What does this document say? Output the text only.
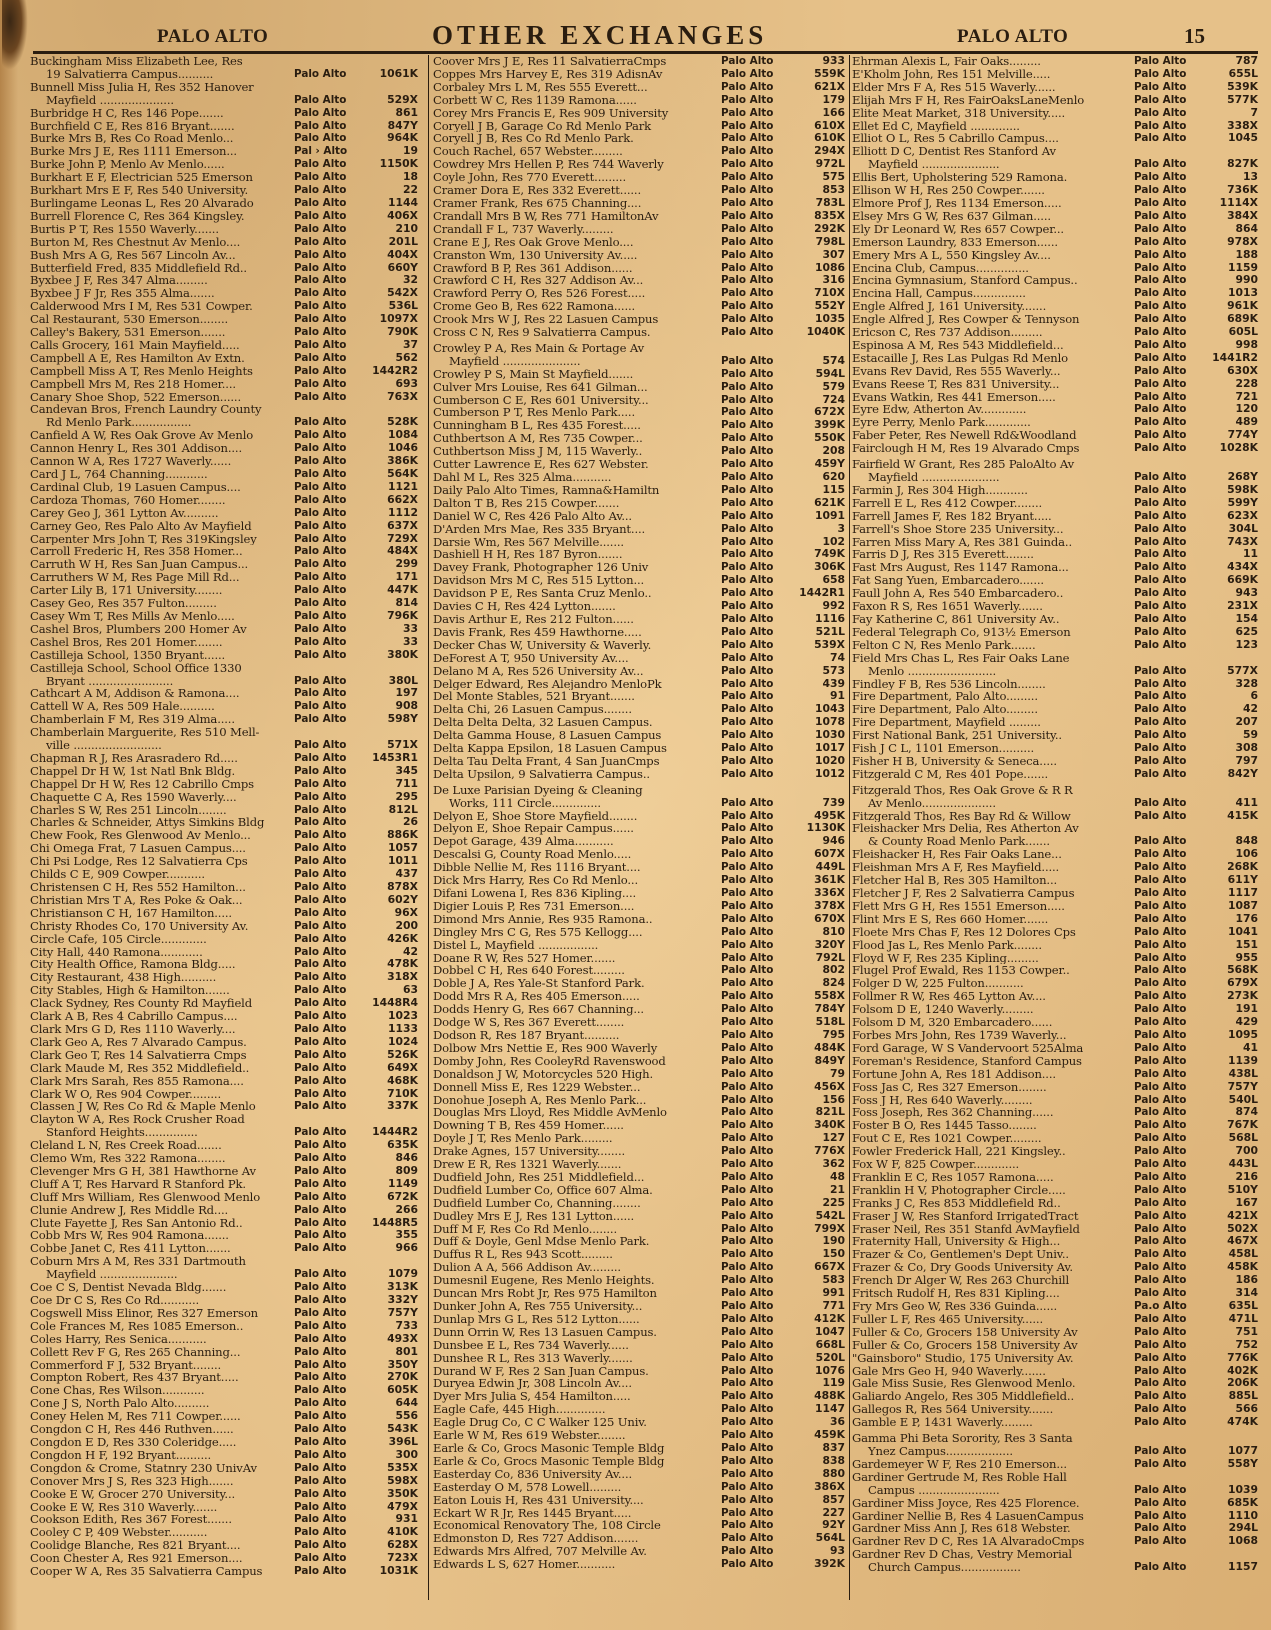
PALO ALTO	OTHER EXCHANGES	PALO ALTO	15
Buckingham Miss Elizabeth Lee, Res
19 Salvatierra Campus..........	Palo Alto	1061K
Bunnell Miss Julia H, Res 352 Hanover
Mayfield .....................	Palo Alto	529X
Burbridge H C, Res 146 Pope.......	Palo Alto	861
Burchfield C E, Res 816 Bryant.......	Palo Alto	847Y
Burke Mrs B, Res Co Road Menlo...	Palo Alto	964K
Burke Mrs J E, Res 1111 Emerson...	Pal › Alto	19
Burke John P, Menlo Av Menlo......	Palo Alto	1150K
Burkhart E F, Electrician 525 Emerson	Palo Alto	18
Burkhart Mrs E F, Res 540 University.	Palo Alto	22
Burlingame Leonas L, Res 20 Alvarado	Palo Alto	1144
Burrell Florence C, Res 364 Kingsley.	Palo Alto	406X
Burtis P T, Res 1550 Waverly.......	Palo Alto	210
Burton M, Res Chestnut Av Menlo....	Palo Alto	201L
Bush Mrs A G, Res 567 Lincoln Av...	Palo Alto	404X
Butterfield Fred, 835 Middlefield Rd..	Palo Alto	660Y
Byxbee J F, Res 347 Alma.........	Palo Alto	32
Byxbee J F Jr, Res 355 Alma.......	Palo Alto	542X
Calderwood Mrs I M, Res 531 Cowper.	Palo Alto	536L
Cal Restaurant, 530 Emerson........	Palo Alto	1097X
Calley's Bakery, 531 Emerson.......	Palo Alto	790K
Calls Grocery, 161 Main Mayfield.....	Palo Alto	37
Campbell A E, Res Hamilton Av Extn.	Palo Alto	562
Campbell Miss A T, Res Menlo Heights	Palo Alto	1442R2
Campbell Mrs M, Res 218 Homer....	Palo Alto	693
Canary Shoe Shop, 522 Emerson......	Palo Alto	763X
Candevan Bros, French Laundry County
Rd Menlo Park.................	Palo Alto	528K
Canfield A W, Res Oak Grove Av Menlo	Palo Alto	1084
Cannon Henry L, Res 301 Addison....	Palo Alto	1046
Cannon W A, Res 1727 Waverly......	Palo Alto	386K
Card J L, 764 Channing............	Palo Alto	564K
Cardinal Club, 19 Lasuen Campus....	Palo Alto	1121
Cardoza Thomas, 760 Homer........	Palo Alto	662X
Carey Geo J, 361 Lytton Av..........	Palo Alto	1112
Carney Geo, Res Palo Alto Av Mayfield	Palo Alto	637X
Carpenter Mrs John T, Res 319Kingsley	Palo Alto	729X
Carroll Frederic H, Res 358 Homer...	Palo Alto	484X
Carruth W H, Res San Juan Campus...	Palo Alto	299
Carruthers W M, Res Page Mill Rd...	Palo Alto	171
Carter Lily B, 171 University........	Palo Alto	447K
Casey Geo, Res 357 Fulton.........	Palo Alto	814
Casey Wm T, Res Mills Av Menlo.....	Palo Alto	796K
Cashel Bros, Plumbers 200 Homer Av	Palo Alto	33
Cashel Bros, Res 201 Homer........	Palo Alto	33
Castilleja School, 1350 Bryant......	Palo Alto	380K
Castilleja School, School Office 1330
Bryant ........................	Palo Alto	380L
Cathcart A M, Addison & Ramona....	Palo Alto	197
Cattell W A, Res 509 Hale..........	Palo Alto	908
Chamberlain F M, Res 319 Alma.....	Palo Alto	598Y
Chamberlain Marguerite, Res 510 Mell-
ville .........................	Palo Alto	571X
Chapman R J, Res Arasradero Rd.....	Palo Alto	1453R1
Chappel Dr H W, 1st Natl Bnk Bldg.	Palo Alto	345
Chappel Dr H W, Res 12 Cabrillo Cmps	Palo Alto	711
Chaquette C A, Res 1590 Waverly....	Palo Alto	295
Charles S W, Res 251 Lincoln........	Palo Alto	812L
Charles & Schneider, Attys Simkins Bldg	Palo Alto	26
Chew Fook, Res Glenwood Av Menlo...	Palo Alto	886K
Chi Omega Frat, 7 Lasuen Campus....	Palo Alto	1057
Chi Psi Lodge, Res 12 Salvatierra Cps	Palo Alto	1011
Childs C E, 909 Cowper...........	Palo Alto	437
Christensen C H, Res 552 Hamilton...	Palo Alto	878X
Christian Mrs T A, Res Poke & Oak...	Palo Alto	602Y
Christianson C H, 167 Hamilton.....	Palo Alto	96X
Christy Rhodes Co, 170 University Av.	Palo Alto	200
Circle Cafe, 105 Circle.............	Palo Alto	426K
City Hall, 440 Ramona............	Palo Alto	42
City Health Office, Ramona Bldg.....	Palo Alto	478K
City Restaurant, 438 High..........	Palo Alto	318X
City Stables, High & Hamilton.......	Palo Alto	63
Clack Sydney, Res County Rd Mayfield	Palo Alto	1448R4
Clark A B, Res 4 Cabrillo Campus....	Palo Alto	1023
Clark Mrs G D, Res 1110 Waverly....	Palo Alto	1133
Clark Geo A, Res 7 Alvarado Campus.	Palo Alto	1024
Clark Geo T, Res 14 Salvatierra Cmps	Palo Alto	526K
Clark Maude M, Res 352 Middlefield..	Palo Alto	649X
Clark Mrs Sarah, Res 855 Ramona....	Palo Alto	468K
Clark W O, Res 904 Cowper.........	Palo Alto	710K
Classen J W, Res Co Rd & Maple Menlo	Palo Alto	337K
Clayton W A, Res Rock Crusher Road
Stanford Heights...............	Palo Alto	1444R2
Cleland L N, Res Creek Road.......	Palo Alto	635K
Clemo Wm, Res 322 Ramona........	Palo Alto	846
Clevenger Mrs G H, 381 Hawthorne Av	Palo Alto	809
Cluff A T, Res Harvard R Stanford Pk.	Palo Alto	1149
Cluff Mrs William, Res Glenwood Menlo	Palo Alto	672K
Clunie Andrew J, Res Middle Rd....	Palo Alto	266
Clute Fayette J, Res San Antonio Rd..	Palo Alto	1448R5
Cobb Mrs W, Res 904 Ramona.......	Palo Alto	355
Cobbe Janet C, Res 411 Lytton.......	Palo Alto	966
Coburn Mrs A M, Res 331 Dartmouth
Mayfield ......................	Palo Alto	1079
Coe C S, Dentist Nevada Bldg.......	Palo Alto	313K
Coe Dr C S, Res Co Rd...........	Palo Alto	332Y
Cogswell Miss Elinor, Res 327 Emerson	Palo Alto	757Y
Cole Frances M, Res 1085 Emerson..	Palo Alto	733
Coles Harry, Res Senica...........	Palo Alto	493X
Collett Rev F G, Res 265 Channing...	Palo Alto	801
Commerford F J, 532 Bryant........	Palo Alto	350Y
Compton Robert, Res 437 Bryant.....	Palo Alto	270K
Cone Chas, Res Wilson............	Palo Alto	605K
Cone J S, North Palo Alto..........	Palo Alto	644
Coney Helen M, Res 711 Cowper......	Palo Alto	556
Congdon C H, Res 446 Ruthven......	Palo Alto	543K
Congdon E D, Res 330 Coleridge.....	Palo Alto	396L
Congdon H F, 192 Bryant..........	Palo Alto	300
Congdon & Crome, Statnry 230 UnivAv	Palo Alto	535X
Conover Mrs J S, Res 323 High.......	Palo Alto	598X
Cooke E W, Grocer 270 University...	Palo Alto	350K
Cooke E W, Res 310 Waverly.......	Palo Alto	479X
Cookson Edith, Res 367 Forest.......	Palo Alto	931
Cooley C P, 409 Webster...........	Palo Alto	410K
Coolidge Blanche, Res 821 Bryant....	Palo Alto	628X
Coon Chester A, Res 921 Emerson....	Palo Alto	723X
Cooper W A, Res 35 Salvatierra Campus	Palo Alto	1031K
Coover Mrs J E, Res 11 SalvatierraCmps	Palo Alto	933
Coppes Mrs Harvey E, Res 319 AdisnAv	Palo Alto	559K
Corbaley Mrs L M, Res 555 Everett...	Palo Alto	621X
Corbett W C, Res 1139 Ramona......	Palo Alto	179
Corey Mrs Francis E, Res 909 University	Palo Alto	166
Coryell J B, Garage Co Rd Menlo Park	Palo Alto	610X
Coryell J B, Res Co Rd Menlo Park.	Palo Alto	610K
Couch Rachel, 657 Webster.........	Palo Alto	294X
Cowdrey Mrs Hellen P, Res 744 Waverly	Palo Alto	972L
Coyle John, Res 770 Everett.........	Palo Alto	575
Cramer Dora E, Res 332 Everett......	Palo Alto	853
Cramer Frank, Res 675 Channing....	Palo Alto	783L
Crandall Mrs B W, Res 771 HamiltonAv	Palo Alto	835X
Crandall F L, 737 Waverly.........	Palo Alto	292K
Crane E J, Res Oak Grove Menlo....	Palo Alto	798L
Cranston Wm, 130 University Av.....	Palo Alto	307
Crawford B P, Res 361 Addison......	Palo Alto	1086
Crawford C H, Res 327 Addison Av...	Palo Alto	316
Crawford Perry O, Res 526 Forest.....	Palo Alto	710X
Crome Geo B, Res 622 Ramona......	Palo Alto	552Y
Crook Mrs W J, Res 22 Lasuen Campus	Palo Alto	1035
Cross C N, Res 9 Salvatierra Campus.	Palo Alto	1040K
Crowley P A, Res Main & Portage Av
Mayfield ......................	Palo Alto	574
Crowley P S, Main St Mayfield.......	Palo Alto	594L
Culver Mrs Louise, Res 641 Gilman...	Palo Alto	579
Cumberson C E, Res 601 University...	Palo Alto	724
Cumberson P T, Res Menlo Park.....	Palo Alto	672X
Cunningham B L, Res 435 Forest.....	Palo Alto	399K
Cuthbertson A M, Res 735 Cowper...	Palo Alto	550K
Cuthbertson Miss J M, 115 Waverly..	Palo Alto	208
Cutter Lawrence E, Res 627 Webster.	Palo Alto	459Y
Dahl M L, Res 325 Alma...........	Palo Alto	620
Daily Palo Alto Times, Ramna&Hamiltn	Palo Alto	115
Dalton T B, Res 215 Cowper.......	Palo Alto	621K
Daniel W C, Res 426 Palo Alto Av...	Palo Alto	1091
D'Arden Mrs Mae, Res 335 Bryant....	Palo Alto	3
Darsie Wm, Res 567 Melville.......	Palo Alto	102
Dashiell H H, Res 187 Byron.......	Palo Alto	749K
Davey Frank, Photographer 126 Univ	Palo Alto	306K
Davidson Mrs M C, Res 515 Lytton...	Palo Alto	658
Davidson P E, Res Santa Cruz Menlo..	Palo Alto	1442R1
Davies C H, Res 424 Lytton.......	Palo Alto	992
Davis Arthur E, Res 212 Fulton......	Palo Alto	1116
Davis Frank, Res 459 Hawthorne.....	Palo Alto	521L
Decker Chas W, University & Waverly.	Palo Alto	539X
DeForest A T, 950 University Av....	Palo Alto	74
Delano M A, Res 526 University Av...	Palo Alto	573
Delger Edward, Res Alejandro MenloPk	Palo Alto	439
Del Monte Stables, 521 Bryant.......	Palo Alto	91
Delta Chi, 26 Lasuen Campus........	Palo Alto	1043
Delta Delta Delta, 32 Lasuen Campus.	Palo Alto	1078
Delta Gamma House, 8 Lasuen Campus	Palo Alto	1030
Delta Kappa Epsilon, 18 Lasuen Campus	Palo Alto	1017
Delta Tau Delta Frant, 4 San JuanCmps	Palo Alto	1020
Delta Upsilon, 9 Salvatierra Campus..	Palo Alto	1012
De Luxe Parisian Dyeing & Cleaning
Works, 111 Circle..............	Palo Alto	739
Delyon E, Shoe Store Mayfield........	Palo Alto	495K
Delyon E, Shoe Repair Campus......	Palo Alto	1130K
Depot Garage, 439 Alma...........	Palo Alto	946
Descalsi G, County Road Menlo.....	Palo Alto	607X
Dibble Nellie M, Res 1116 Bryant....	Palo Alto	449L
Dick Mrs Harry, Res Co Rd Menlo...	Palo Alto	361K
Difani Lowena I, Res 836 Kipling....	Palo Alto	336X
Digier Louis P, Res 731 Emerson....	Palo Alto	378X
Dimond Mrs Annie, Res 935 Ramona..	Palo Alto	670X
Dingley Mrs C G, Res 575 Kellogg....	Palo Alto	810
Distel L, Mayfield .................	Palo Alto	320Y
Doane R W, Res 527 Homer.......	Palo Alto	792L
Dobbel C H, Res 640 Forest.........	Palo Alto	802
Doble J A, Res Yale-St Stanford Park.	Palo Alto	824
Dodd Mrs R A, Res 405 Emerson.....	Palo Alto	558X
Dodds Henry G, Res 667 Channing...	Palo Alto	784Y
Dodge W S, Res 367 Everett........	Palo Alto	518L
Dodson R, Res 187 Bryant..........	Palo Alto	795
Dolbow Mrs Nettie E, Res 900 Waverly	Palo Alto	484K
Domby John, Res CooleyRd Ravenswood	Palo Alto	849Y
Donaldson J W, Motorcycles 520 High.	Palo Alto	79
Donnell Miss E, Res 1229 Webster...	Palo Alto	456X
Donohue Joseph A, Res Menlo Park...	Palo Alto	156
Douglas Mrs Lloyd, Res Middle AvMenlo	Palo Alto	821L
Downing T B, Res 459 Homer......	Palo Alto	340K
Doyle J T, Res Menlo Park.........	Palo Alto	127
Drake Agnes, 157 University........	Palo Alto	776X
Drew E R, Res 1321 Waverly.......	Palo Alto	362
Dudfield John, Res 251 Middlefield...	Palo Alto	48
Dudfield Lumber Co, Office 607 Alma.	Palo Alto	21
Dudfield Lumber Co, Channing........	Palo Alto	225
Dudley Mrs E J, Res 131 Lytton......	Palo Alto	542L
Duff M F, Res Co Rd Menlo........	Palo Alto	799X
Duff & Doyle, Genl Mdse Menlo Park.	Palo Alto	190
Duffus R L, Res 943 Scott.........	Palo Alto	150
Dulion A A, 566 Addison Av.........	Palo Alto	667X
Dumesnil Eugene, Res Menlo Heights.	Palo Alto	583
Duncan Mrs Robt Jr, Res 975 Hamilton	Palo Alto	991
Dunker John A, Res 755 University...	Palo Alto	771
Dunlap Mrs G L, Res 512 Lytton......	Palo Alto	412K
Dunn Orrin W, Res 13 Lasuen Campus.	Palo Alto	1047
Dunsbee E L, Res 734 Waverly......	Palo Alto	668L
Dunshee R L, Res 313 Waverly.......	Palo Alto	520L
Durand W F, Res 2 San Juan Campus.	Palo Alto	1076
Duryea Edwin Jr, 308 Lincoln Av....	Palo Alto	119
Dyer Mrs Julia S, 454 Hamilton.....	Palo Alto	488K
Eagle Cafe, 445 High..............	Palo Alto	1147
Eagle Drug Co, C C Walker 125 Univ.	Palo Alto	36
Earle W M, Res 619 Webster........	Palo Alto	459K
Earle & Co, Grocs Masonic Temple Bldg	Palo Alto	837
Earle & Co, Grocs Masonic Temple Bldg	Palo Alto	838
Easterday Co, 836 University Av....	Palo Alto	880
Easterday O M, 578 Lowell.........	Palo Alto	386X
Eaton Louis H, Res 431 University....	Palo Alto	857
Eckart W R Jr, Res 1445 Bryant.....	Palo Alto	227
Economical Renovatory The, 108 Circle	Palo Alto	92Y
Edmonston D, Res 727 Addison.......	Palo Alto	564L
Edwards Mrs Alfred, 707 Melville Av.	Palo Alto	93
Edwards L S, 627 Homer...........	Palo Alto	392K
Ehrman Alexis L, Fair Oaks.........	Palo Alto	787
E'Kholm John, Res 151 Melville.....	Palo Alto	655L
Elder Mrs F A, Res 515 Waverly......	Palo Alto	539K
Elijah Mrs F H, Res FairOaksLaneMenlo	Palo Alto	577K
Elite Meat Market, 318 University.....	Palo Alto	7
Ellet Ed C, Mayfield ..............	Palo Alto	338X
Elliot O L, Res 5 Cabrillo Campus....	Palo Alto	1045
Elliott D C, Dentist Res Stanford Av
Mayfield ......................	Palo Alto	827K
Ellis Bert, Upholstering 529 Ramona.	Palo Alto	13
Ellison W H, Res 250 Cowper.......	Palo Alto	736K
Elmore Prof J, Res 1134 Emerson.....	Palo Alto	1114X
Elsey Mrs G W, Res 637 Gilman.....	Palo Alto	384X
Ely Dr Leonard W, Res 657 Cowper...	Palo Alto	864
Emerson Laundry, 833 Emerson......	Palo Alto	978X
Emery Mrs A L, 550 Kingsley Av....	Palo Alto	188
Encina Club, Campus...............	Palo Alto	1159
Encina Gymnasium, Stanford Campus..	Palo Alto	990
Encina Hall, Campus...............	Palo Alto	1013
Engle Alfred J, 161 University.......	Palo Alto	961K
Engle Alfred J, Res Cowper & Tennyson	Palo Alto	689K
Ericson C, Res 737 Addison.........	Palo Alto	605L
Espinosa A M, Res 543 Middlefield...	Palo Alto	998
Estacaille J, Res Las Pulgas Rd Menlo	Palo Alto	1441R2
Evans Rev David, Res 555 Waverly...	Palo Alto	630X
Evans Reese T, Res 831 University...	Palo Alto	228
Evans Watkin, Res 441 Emerson.....	Palo Alto	721
Eyre Edw, Atherton Av.............	Palo Alto	120
Eyre Perry, Menlo Park.............	Palo Alto	489
Faber Peter, Res Newell Rd&Woodland	Palo Alto	774Y
Fairclough H M, Res 19 Alvarado Cmps	Palo Alto	1028K
Fairfield W Grant, Res 285 PaloAlto Av
Mayfield ......................	Palo Alto	268Y
Farmin J, Res 304 High............	Palo Alto	598K
Farrell E L, Res 412 Cowper........	Palo Alto	599Y
Farrell James F, Res 182 Bryant.....	Palo Alto	623X
Farrell's Shoe Store 235 University...	Palo Alto	304L
Farren Miss Mary A, Res 381 Guinda..	Palo Alto	743X
Farris D J, Res 315 Everett........	Palo Alto	11
Fast Mrs August, Res 1147 Ramona...	Palo Alto	434X
Fat Sang Yuen, Embarcadero.......	Palo Alto	669K
Faull John A, Res 540 Embarcadero..	Palo Alto	943
Faxon R S, Res 1651 Waverly.......	Palo Alto	231X
Fay Katherine C, 861 University Av..	Palo Alto	154
Federal Telegraph Co, 913½ Emerson	Palo Alto	625
Felton C N, Res Menlo Park.......	Palo Alto	123
Field Mrs Chas L, Res Fair Oaks Lane
Menlo .........................	Palo Alto	577X
Findley F B, Res 536 Lincoln........	Palo Alto	328
Fire Department, Palo Alto.........	Palo Alto	6
Fire Department, Palo Alto.........	Palo Alto	42
Fire Department, Mayfield .........	Palo Alto	207
First National Bank, 251 University..	Palo Alto	59
Fish J C L, 1101 Emerson..........	Palo Alto	308
Fisher H B, University & Seneca.....	Palo Alto	797
Fitzgerald C M, Res 401 Pope.......	Palo Alto	842Y
Fitzgerald Thos, Res Oak Grove & R R
Av Menlo.....................	Palo Alto	411
Fitzgerald Thos, Res Bay Rd & Willow	Palo Alto	415K
Fleishacker Mrs Delia, Res Atherton Av
& County Road Menlo Park.......	Palo Alto	848
Fleishacker H, Res Fair Oaks Lane...	Palo Alto	106
Fleishman Mrs A F, Res Mayfield.....	Palo Alto	268K
Fletcher Hal B, Res 305 Hamilton...	Palo Alto	611Y
Fletcher J F, Res 2 Salvatierra Campus	Palo Alto	1117
Flett Mrs G H, Res 1551 Emerson.....	Palo Alto	1087
Flint Mrs E S, Res 660 Homer.......	Palo Alto	176
Floete Mrs Chas F, Res 12 Dolores Cps	Palo Alto	1041
Flood Jas L, Res Menlo Park........	Palo Alto	151
Floyd W F, Res 235 Kipling.........	Palo Alto	955
Flugel Prof Ewald, Res 1153 Cowper..	Palo Alto	568K
Folger D W, 225 Fulton...........	Palo Alto	679X
Follmer R W, Res 465 Lytton Av....	Palo Alto	273K
Folsom D E, 1240 Waverly.........	Palo Alto	191
Folsom D M, 320 Embarcadero......	Palo Alto	429
Forbes Mrs John, Res 1739 Waverly...	Palo Alto	1095
Ford Garage, W S Vandervoort 525Alma	Palo Alto	41
Foreman's Residence, Stanford Campus	Palo Alto	1139
Fortune John A, Res 181 Addison....	Palo Alto	438L
Foss Jas C, Res 327 Emerson........	Palo Alto	757Y
Foss J H, Res 640 Waverly.........	Palo Alto	540L
Foss Joseph, Res 362 Channing......	Palo Alto	874
Foster B O, Res 1445 Tasso........	Palo Alto	767K
Fout C E, Res 1021 Cowper.........	Palo Alto	568L
Fowler Frederick Hall, 221 Kingsley..	Palo Alto	700
Fox W F, 825 Cowper.............	Palo Alto	443L
Franklin E C, Res 1057 Ramona.....	Palo Alto	216
Franklin H V, Photographer Circle.....	Palo Alto	510Y
Franks J C, Res 853 Middlefield Rd..	Palo Alto	167
Fraser J W, Res Stanford IrrigatedTract	Palo Alto	421X
Fraser Neil, Res 351 Stanfd AvMayfield	Palo Alto	502X
Fraternity Hall, University & High...	Palo Alto	467X
Frazer & Co, Gentlemen's Dept Univ..	Palo Alto	458L
Frazer & Co, Dry Goods University Av.	Palo Alto	458K
French Dr Alger W, Res 263 Churchill	Palo Alto	186
Fritsch Rudolf H, Res 831 Kipling....	Palo Alto	314
Fry Mrs Geo W, Res 336 Guinda......	Pa.o Alto	635L
Fuller L F, Res 465 University......	Palo Alto	471L
Fuller & Co, Grocers 158 University Av	Palo Alto	751
Fuller & Co, Grocers 158 University Av	Palo Alto	752
"Gainsboro" Studio, 175 University Av.	Palo Alto	776K
Gale Mrs Geo H, 940 Waverly.......	Palo Alto	402K
Gale Miss Susie, Res Glenwood Menlo.	Palo Alto	206K
Galiardo Angelo, Res 305 Middlefield..	Palo Alto	885L
Gallegos R, Res 564 University.......	Palo Alto	566
Gamble E P, 1431 Waverly.........	Palo Alto	474K
Gamma Phi Beta Sorority, Res 3 Santa
Ynez Campus...................	Palo Alto	1077
Gardemeyer W F, Res 210 Emerson...	Palo Alto	558Y
Gardiner Gertrude M, Res Roble Hall
Campus .......................	Palo Alto	1039
Gardiner Miss Joyce, Res 425 Florence.	Palo Alto	685K
Gardiner Nellie B, Res 4 LasuenCampus	Palo Alto	1110
Gardner Miss Ann J, Res 618 Webster.	Palo Alto	294L
Gardner Rev D C, Res 1A AlvaradoCmps	Palo Alto	1068
Gardner Rev D Chas, Vestry Memorial
Church Campus.................	Palo Alto	1157
